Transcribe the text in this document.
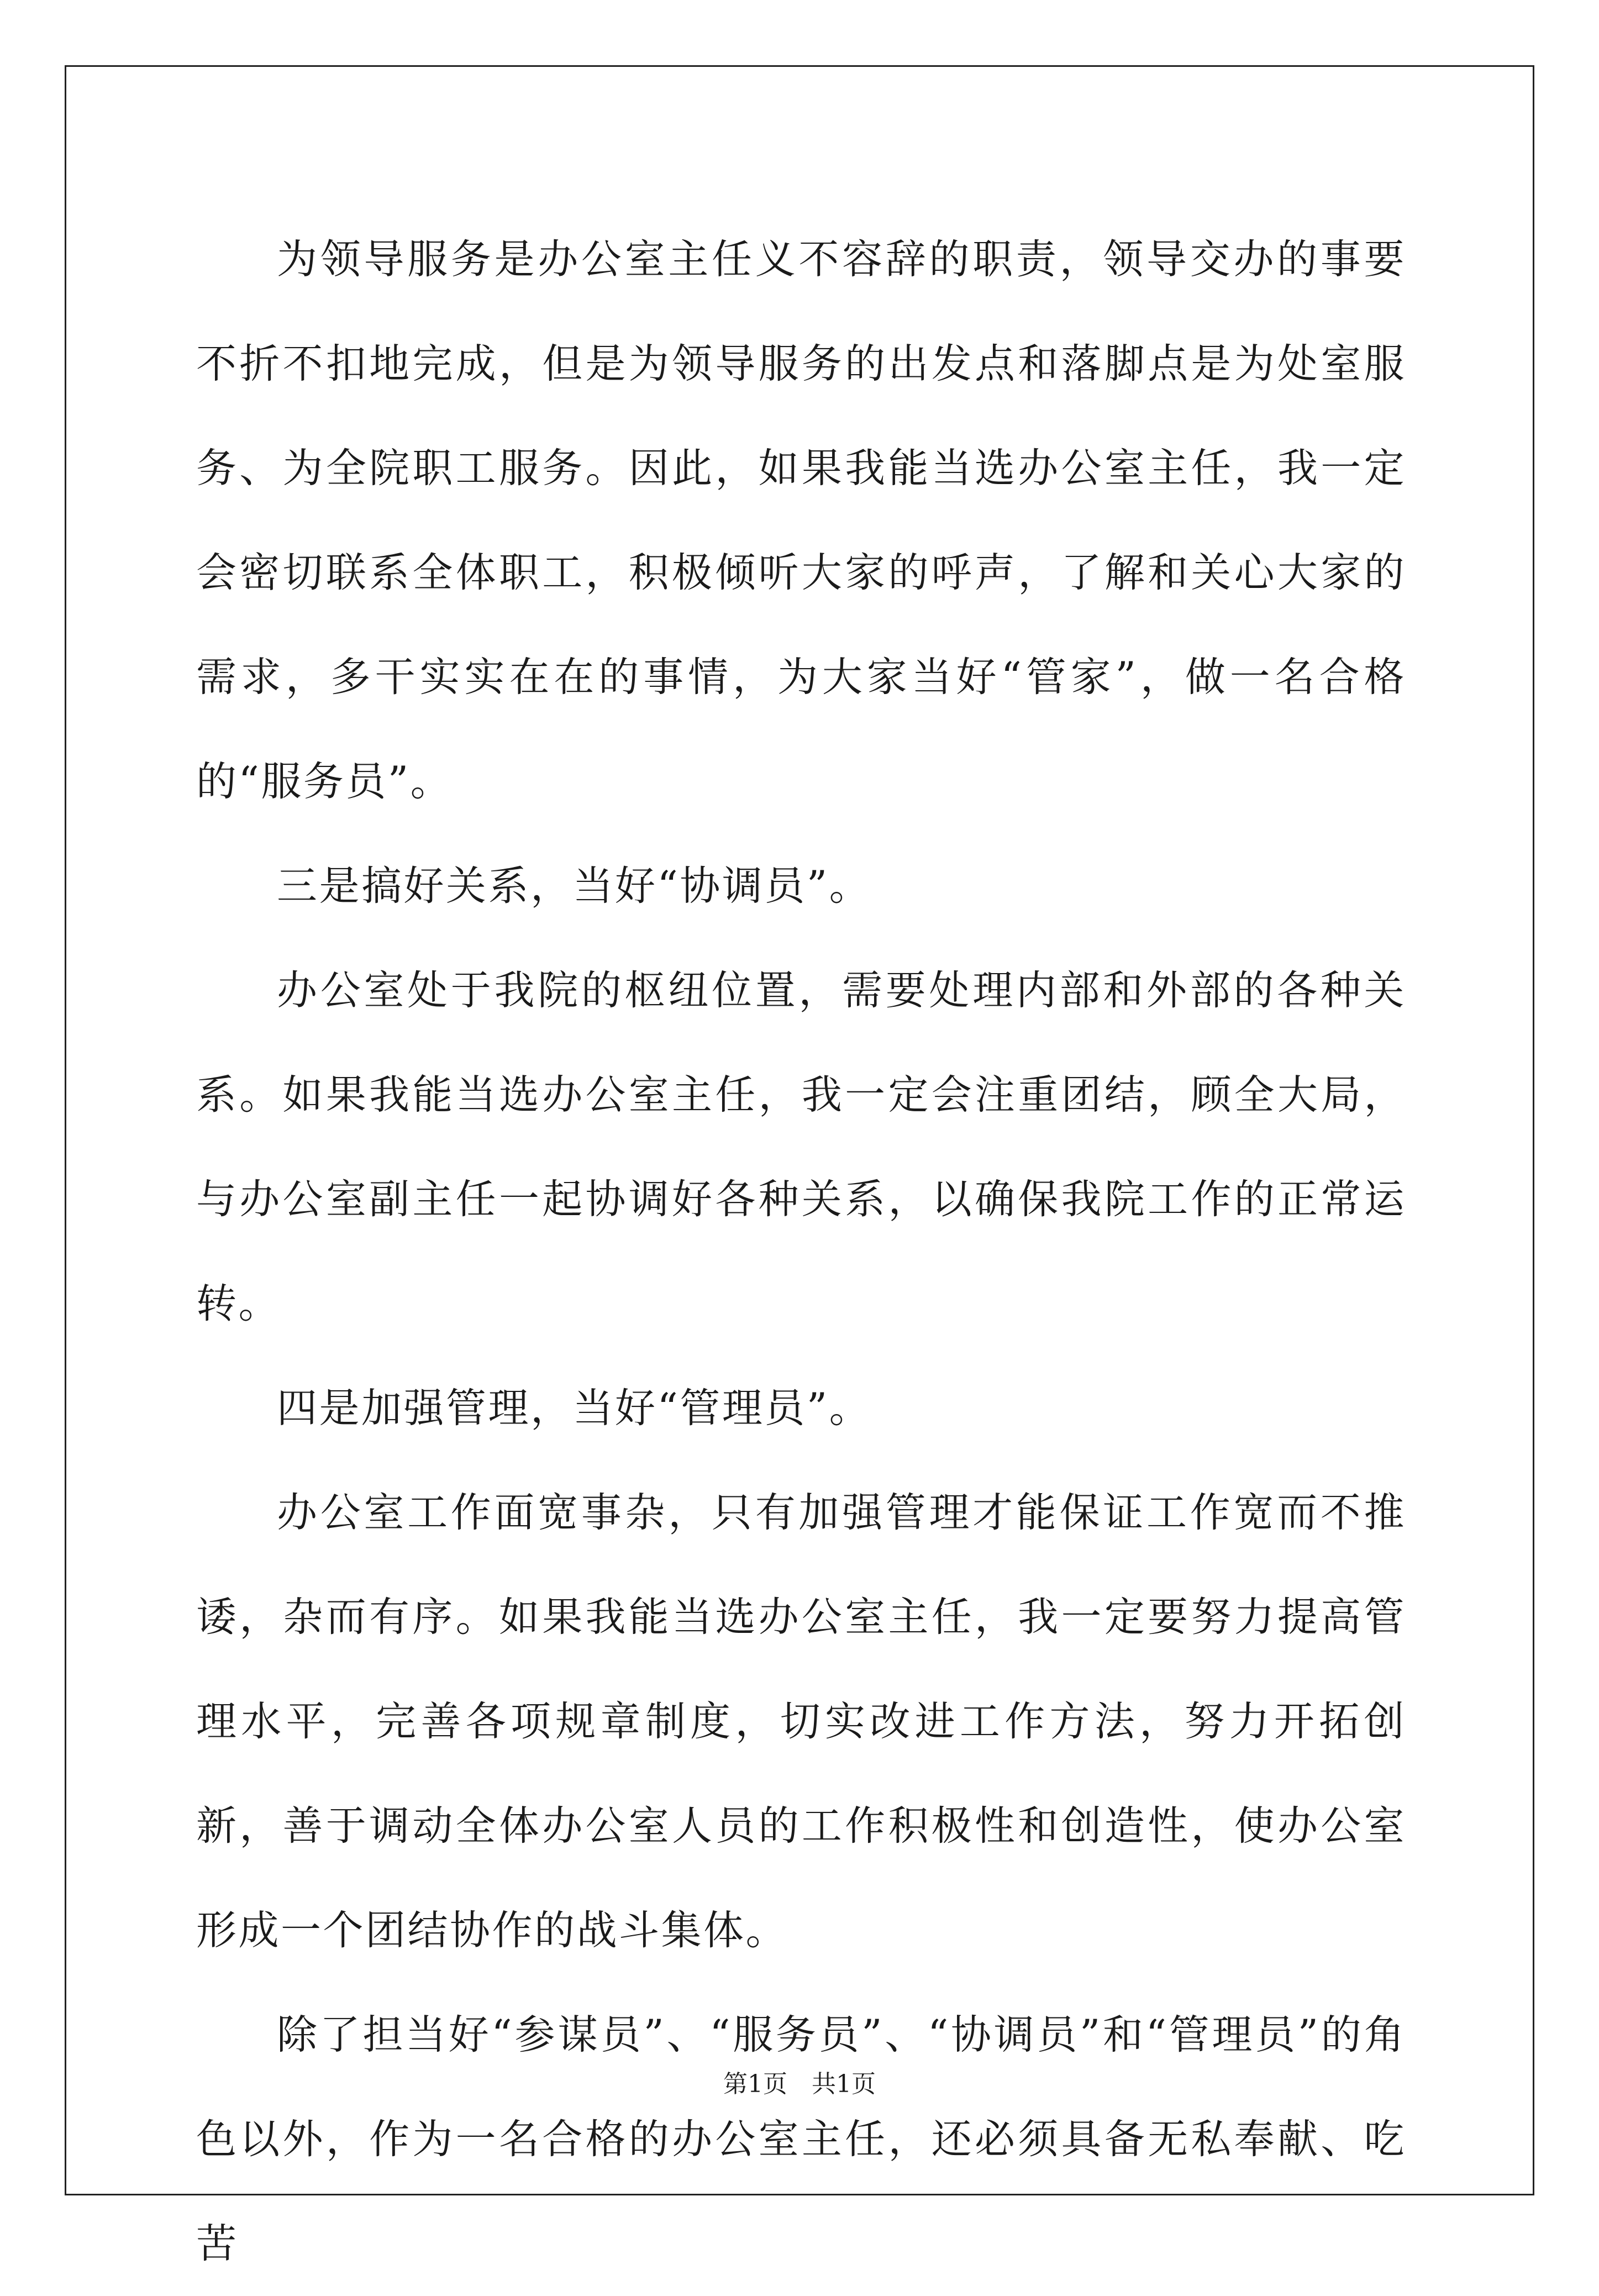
为领导服务是办公室主任义不容辞的职责，领导交办的事要不折不扣地完成，但是为领导服务的出发点和落脚点是为处室服务、为全院职工服务。因此，如果我能当选办公室主任，我一定会密切联系全体职工，积极倾听大家的呼声，了解和关心大家的需求，多干实实在在的事情，为大家当好“管家”，做一名合格的“服务员”。

三是搞好关系，当好“协调员”。

办公室处于我院的枢纽位置，需要处理内部和外部的各种关系。如果我能当选办公室主任，我一定会注重团结，顾全大局，与办公室副主任一起协调好各种关系，以确保我院工作的正常运转。

四是加强管理，当好“管理员”。

办公室工作面宽事杂，只有加强管理才能保证工作宽而不推诿，杂而有序。如果我能当选办公室主任，我一定要努力提高管理水平，完善各项规章制度，切实改进工作方法，努力开拓创新，善于调动全体办公室人员的工作积极性和创造性，使办公室形成一个团结协作的战斗集体。

除了担当好“参谋员”、“服务员”、“协调员”和“管理员”的角色以外，作为一名合格的办公室主任，还必须具备无私奉献、吃苦

第1页 共1页
